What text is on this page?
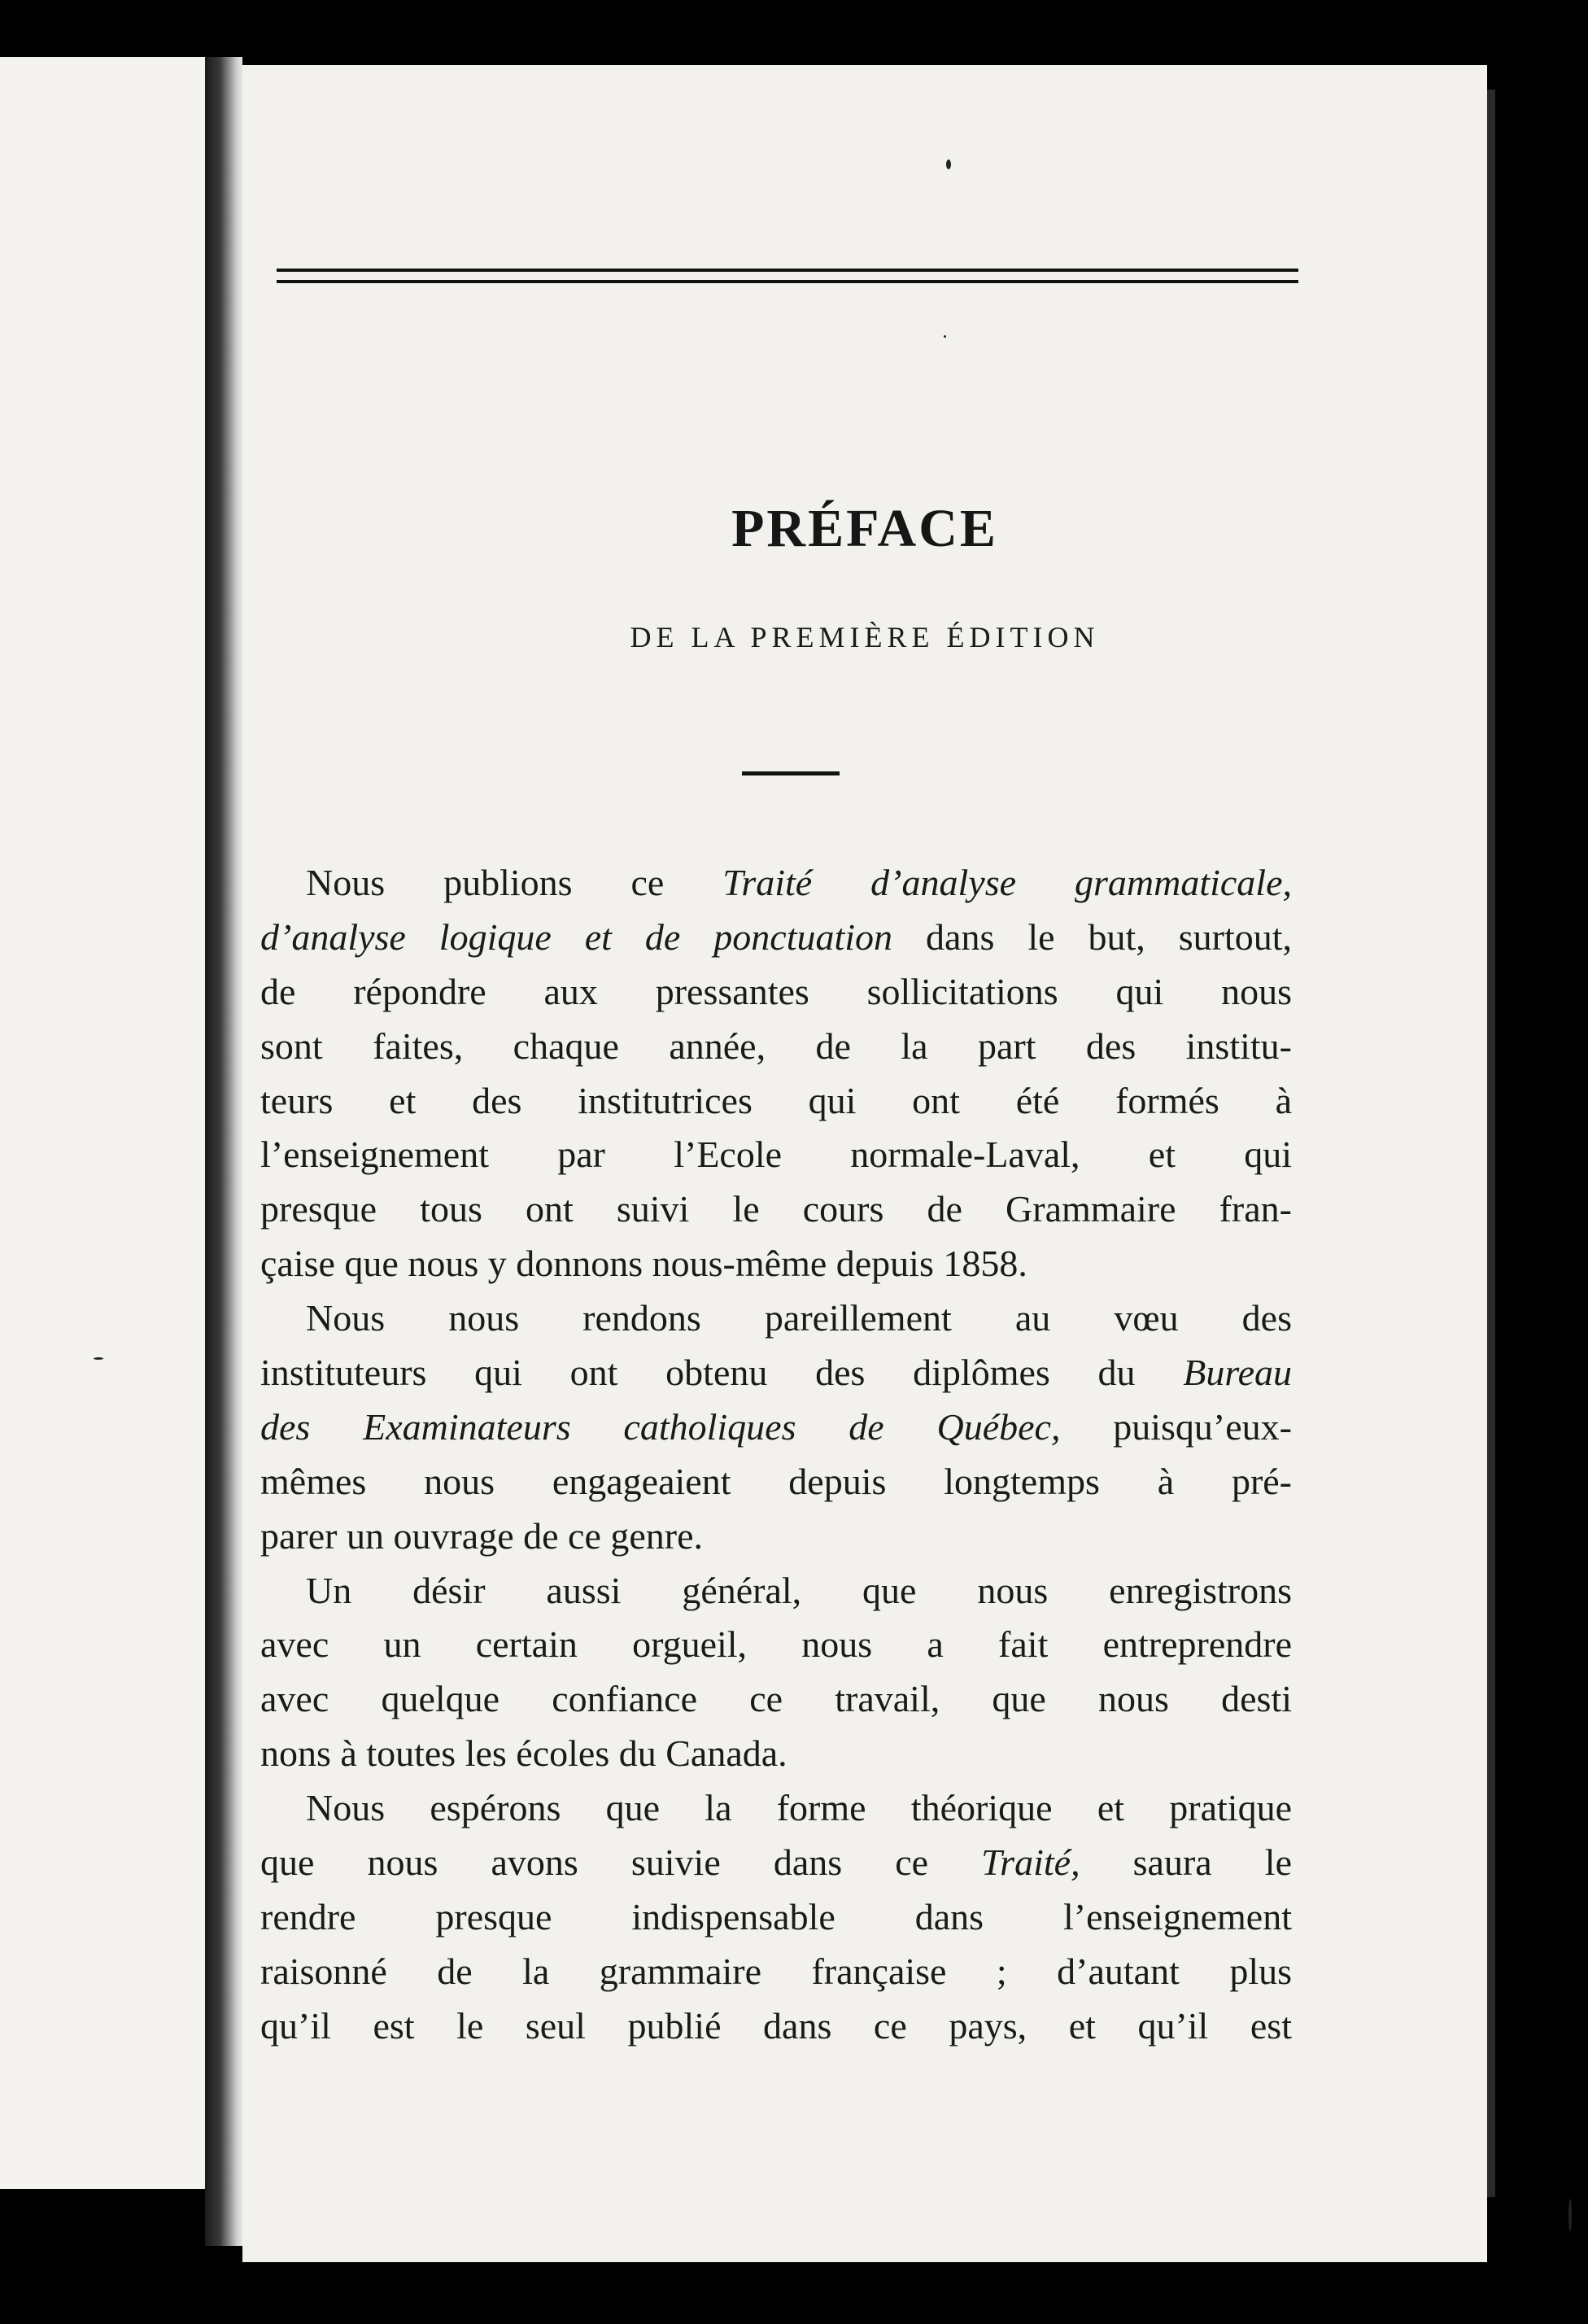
PRÉFACE
DE LA PREMIÈRE ÉDITION
Nous publions ce Traité d’analyse grammaticale,
d’analyse logique et de ponctuation dans le but, surtout,
de répondre aux pressantes sollicitations qui nous
sont faites, chaque année, de la part des institu-
teurs et des institutrices qui ont été formés à
l’enseignement par l’Ecole normale-Laval, et qui
presque tous ont suivi le cours de Grammaire fran-
çaise que nous y donnons nous-même depuis 1858.
Nous nous rendons pareillement au vœu des
instituteurs qui ont obtenu des diplômes du Bureau
des Examinateurs catholiques de Québec, puisqu’eux-
mêmes nous engageaient depuis longtemps à pré-
parer un ouvrage de ce genre.
Un désir aussi général, que nous enregistrons
avec un certain orgueil, nous a fait entreprendre
avec quelque confiance ce travail, que nous desti
nons à toutes les écoles du Canada.
Nous espérons que la forme théorique et pratique
que nous avons suivie dans ce Traité, saura le
rendre presque indispensable dans l’enseignement
raisonné de la grammaire française ; d’autant plus
qu’il est le seul publié dans ce pays, et qu’il est
